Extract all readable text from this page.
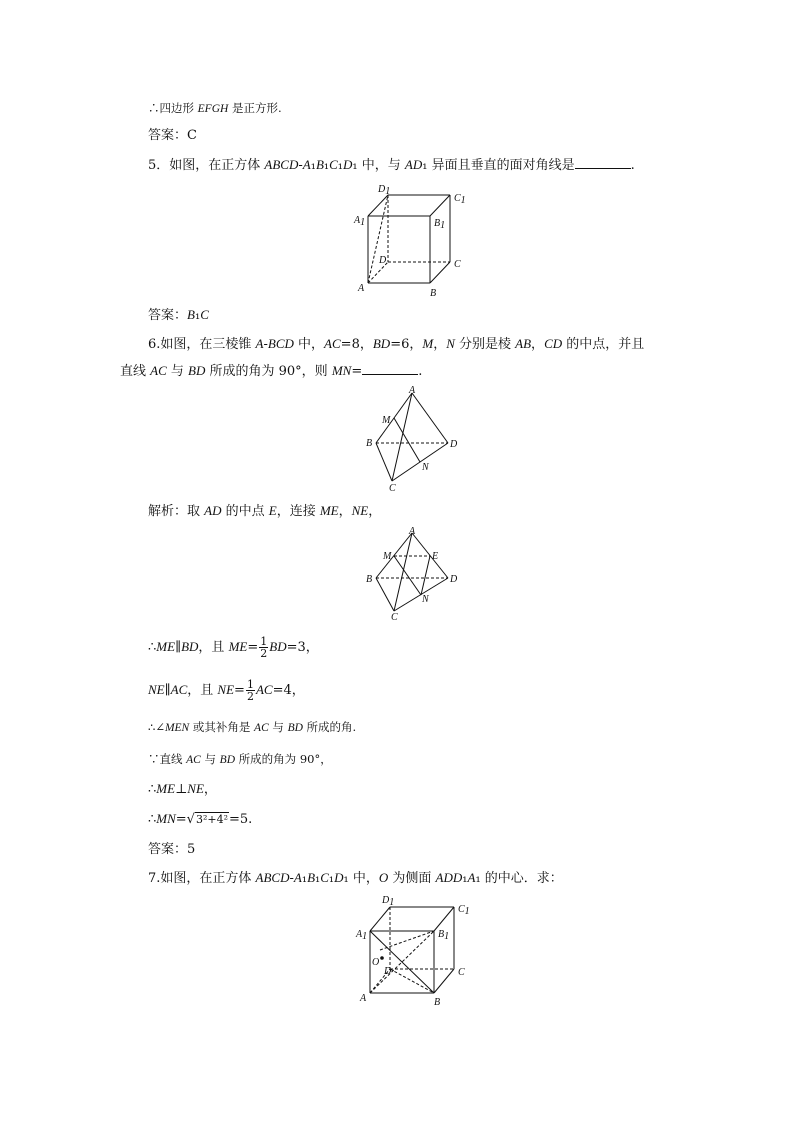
∴四边形 EFGH 是正方形.
答案：C
5．如图，在正方体 ABCD-A₁B₁C₁D₁ 中，与 AD₁ 异面且垂直的面对角线是	.
D1
C1
A1	B1
D	C
A	B
答案：B₁C
6.如图，在三棱锥 A-BCD 中，AC=8，BD=6，M，N 分别是棱 AB，CD 的中点，并且
直线 AC 与 BD 所成的角为 90°，则 MN=	.
A
M
B	D
N
C
解析：取 AD 的中点 E，连接 ME，NE，
A
M	E
B	D
N
C
∴ME∥BD，且 $ME= \frac{1}{2} BD=3$，
NE∥AC，且 $NE= \frac{1}{2} AC=4$，
∴∠MEN 或其补角是 AC 与 BD 所成的角.
∵直线 AC 与 BD 所成的角为 90°，
∴ME⊥NE，
∴MN=√3²+4²=5.
答案：5
7.如图，在正方体 ABCD-A₁B₁C₁D₁ 中，O 为侧面 ADD₁A₁ 的中心．求：
D1
C1
A1	B1
O
D	C
A	B
